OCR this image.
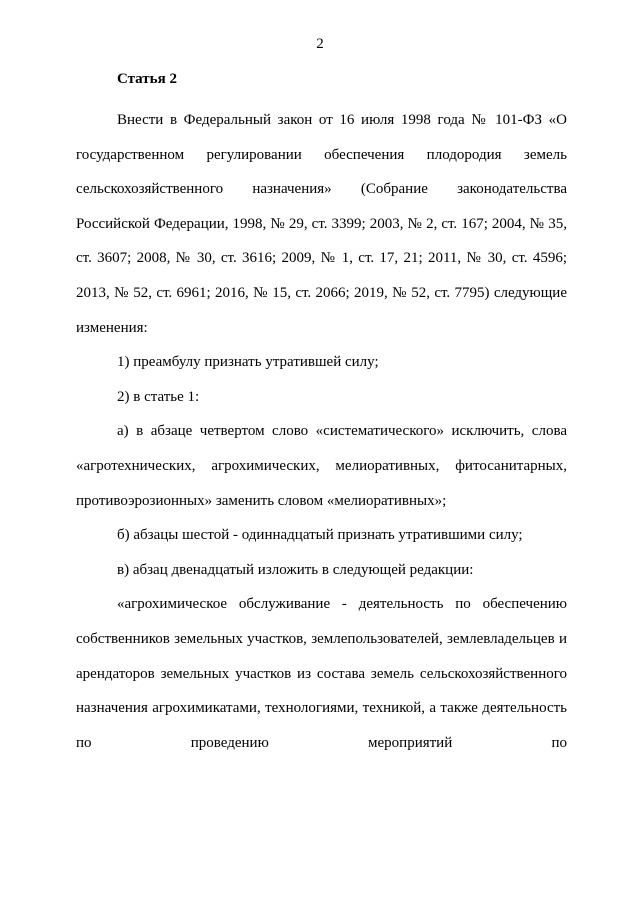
2
Статья 2

Внести в Федеральный закон от 16 июля 1998 года № 101-ФЗ «О государственном регулировании обеспечения плодородия земель сельскохозяйственного назначения» (Собрание законодательства Российской Федерации, 1998, № 29, ст. 3399; 2003, № 2, ст. 167; 2004, № 35, ст. 3607; 2008, № 30, ст. 3616; 2009, № 1, ст. 17, 21; 2011, № 30, ст. 4596; 2013, № 52, ст. 6961; 2016, № 15, ст. 2066; 2019, № 52, ст. 7795) следующие изменения:

1) преамбулу признать утратившей силу;

2) в статье 1:

а) в абзаце четвертом слово «систематического» исключить, слова «агротехнических, агрохимических, мелиоративных, фитосанитарных, противоэрозионных» заменить словом «мелиоративных»;

б) абзацы шестой - одиннадцатый признать утратившими силу;

в) абзац двенадцатый изложить в следующей редакции:

«агрохимическое обслуживание - деятельность по обеспечению собственников земельных участков, землепользователей, землевладельцев и арендаторов земельных участков из состава земель сельскохозяйственного назначения агрохимикатами, технологиями, техникой, а также деятельность по проведению мероприятий по
